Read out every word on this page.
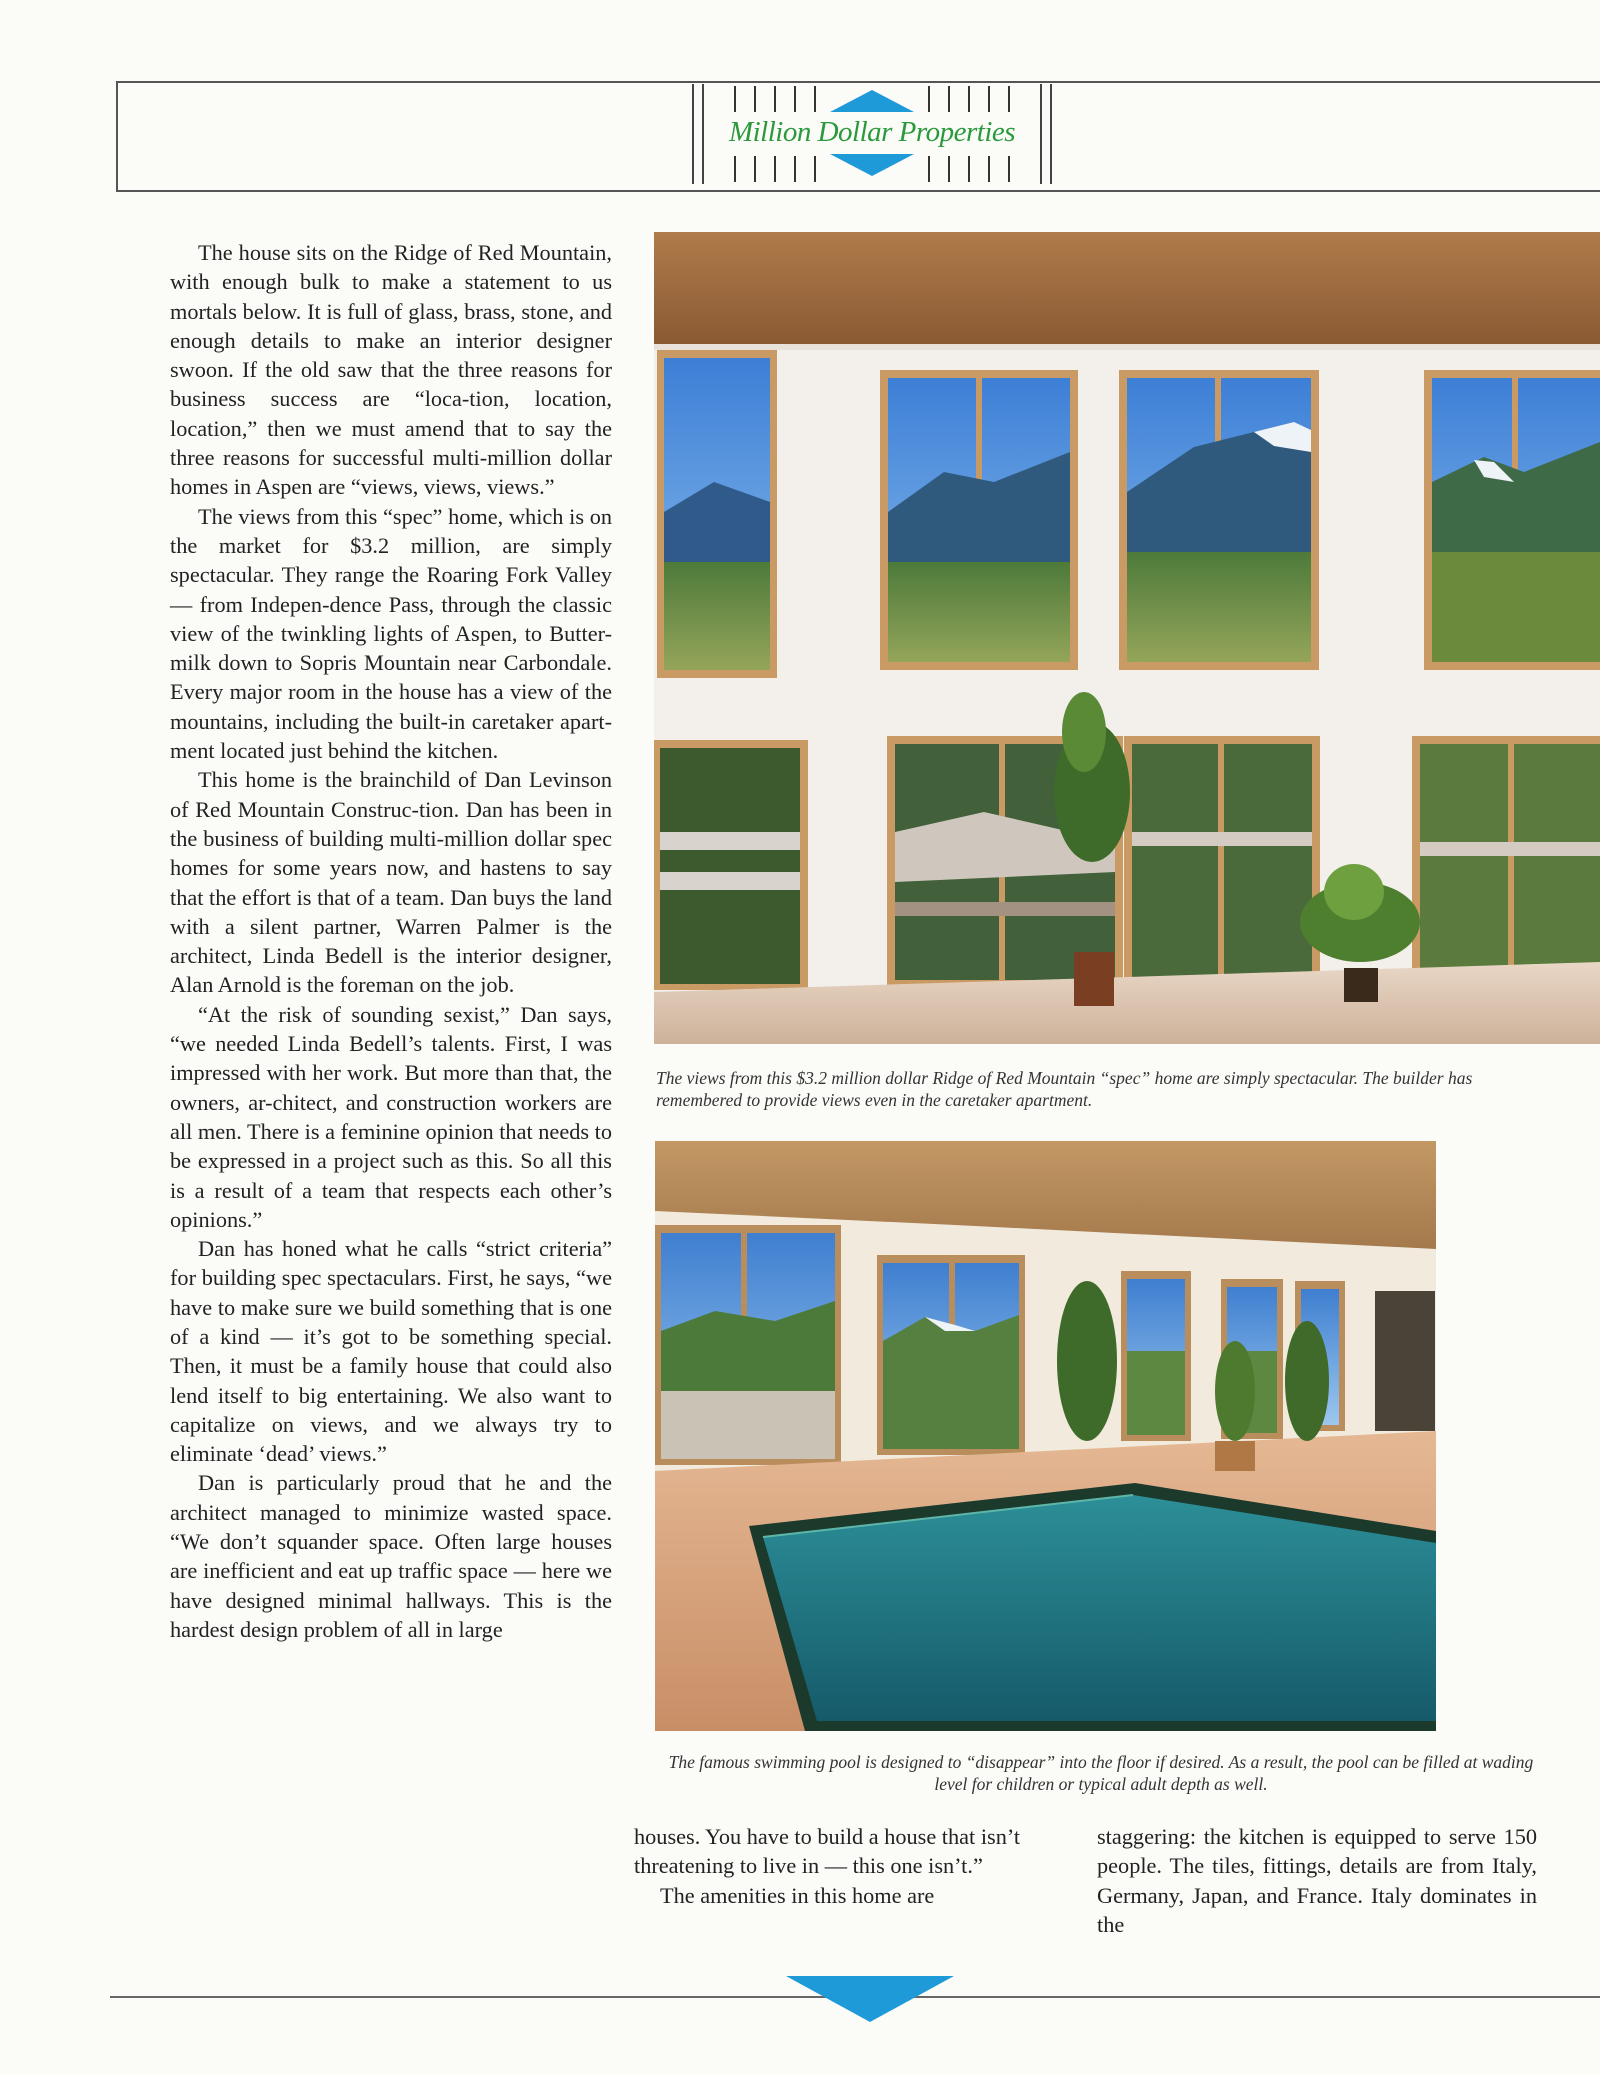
Million Dollar Properties

The house sits on the Ridge of Red Mountain, with enough bulk to make a statement to us mortals below. It is full of glass, brass, stone, and enough details to make an interior designer swoon. If the old saw that the three reasons for business success are “loca-tion, location, location,” then we must amend that to say the three reasons for successful multi-million dollar homes in Aspen are “views, views, views.”

The views from this “spec” home, which is on the market for $3.2 million, are simply spectacular. They range the Roaring Fork Valley — from Indepen-dence Pass, through the classic view of the twinkling lights of Aspen, to Butter-milk down to Sopris Mountain near Carbondale. Every major room in the house has a view of the mountains, including the built-in caretaker apart-ment located just behind the kitchen.

This home is the brainchild of Dan Levinson of Red Mountain Construc-tion. Dan has been in the business of building multi-million dollar spec homes for some years now, and hastens to say that the effort is that of a team. Dan buys the land with a silent partner, Warren Palmer is the architect, Linda Bedell is the interior designer, Alan Arnold is the foreman on the job.

“At the risk of sounding sexist,” Dan says, “we needed Linda Bedell’s talents. First, I was impressed with her work. But more than that, the owners, ar-chitect, and construction workers are all men. There is a feminine opinion that needs to be expressed in a project such as this. So all this is a result of a team that respects each other’s opinions.”

Dan has honed what he calls “strict criteria” for building spec spectaculars. First, he says, “we have to make sure we build something that is one of a kind — it’s got to be something special. Then, it must be a family house that could also lend itself to big entertaining. We also want to capitalize on views, and we always try to eliminate ‘dead’ views.”

Dan is particularly proud that he and the architect managed to minimize wasted space. “We don’t squander space. Often large houses are inefficient and eat up traffic space — here we have designed minimal hallways. This is the hardest design problem of all in large

The views from this $3.2 million dollar Ridge of Red Mountain “spec” home are simply spectacular. The builder has remembered to provide views even in the caretaker apartment.
The famous swimming pool is designed to “disappear” into the floor if desired. As a result, the pool can be filled at wading level for children or typical adult depth as well.

houses. You have to build a house that isn’t threatening to live in — this one isn’t.”

The amenities in this home are

staggering: the kitchen is equipped to serve 150 people. The tiles, fittings, details are from Italy, Germany, Japan, and France. Italy dominates in the
